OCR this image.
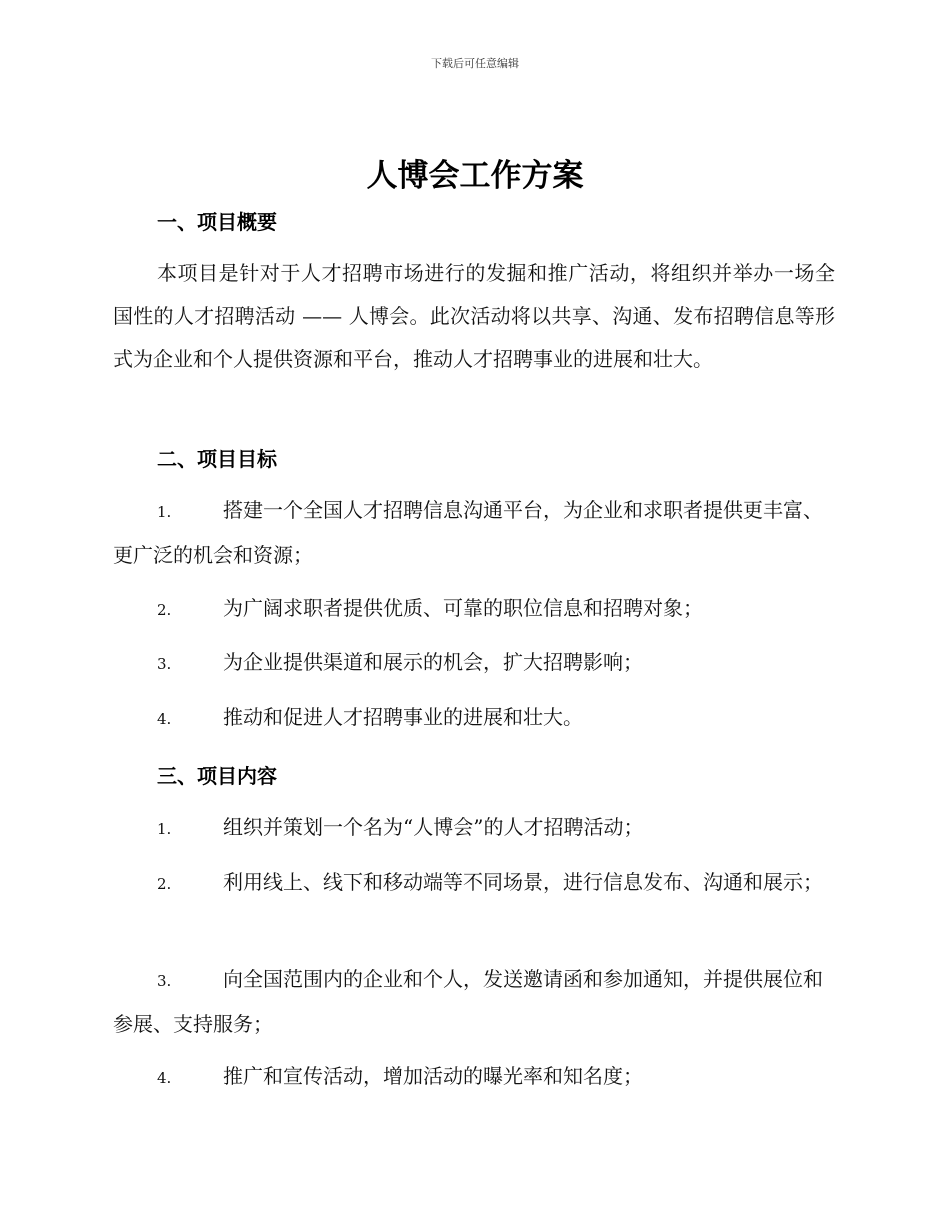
下载后可任意编辑
人博会工作方案
一、项目概要
本项目是针对于人才招聘市场进行的发掘和推广活动，将组织并举办一场全国性的人才招聘活动 —— 人博会。此次活动将以共享、沟通、发布招聘信息等形式为企业和个人提供资源和平台，推动人才招聘事业的进展和壮大。
二、项目目标
1.	搭建一个全国人才招聘信息沟通平台，为企业和求职者提供更丰富、更广泛的机会和资源；
2.	为广阔求职者提供优质、可靠的职位信息和招聘对象；
3.	为企业提供渠道和展示的机会，扩大招聘影响；
4.	推动和促进人才招聘事业的进展和壮大。
三、项目内容
1.	组织并策划一个名为“人博会”的人才招聘活动；
2.	利用线上、线下和移动端等不同场景，进行信息发布、沟通和展示；
3.	向全国范围内的企业和个人，发送邀请函和参加通知，并提供展位和参展、支持服务；
4.	推广和宣传活动，增加活动的曝光率和知名度；
